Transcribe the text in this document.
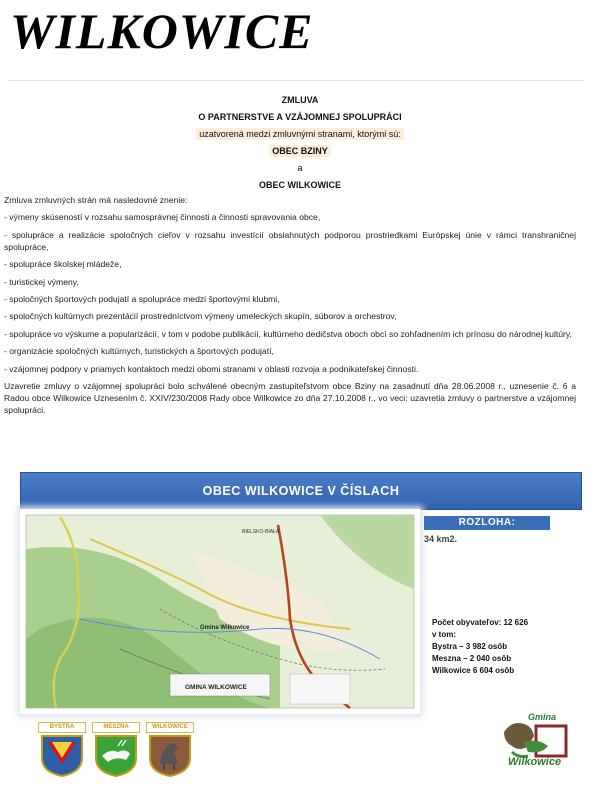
WILKOWICE
ZMLUVA
O PARTNERSTVE A VZÁJOMNEJ SPOLUPRÁCI
uzatvorená medzi zmluvnými stranami, ktorými sú:
OBEC BZINY
a
OBEC WILKOWICE

Zmluva zmluvných strán má nasledovné znenie:

- výmeny skúseností v rozsahu samosprávnej činnosti a činnosti spravovania obce,

- spolupráce a realizácie spoločných cieľov v rozsahu investícií obsiahnutých podporou prostriedkami Európskej únie v rámci transhraničnej spolupráce,

- spolupráce školskej mládeže,

- turistickej výmeny,

- spoločných športových podujatí a spolupráce medzi športovými klubmi,

- spoločných kultúrnych prezentácií prostredníctvom výmeny umeleckých skupín, súborov a orchestrov,

- spolupráce vo výskume a popularizácií, v tom v podobe publikácií, kultúrneho dedičstva oboch obcí so zohľadnením ich prínosu do národnej kultúry,

- organizácie spoločných kultúrnych, turistických a športových podujatí,

- vzájomnej podpory v priamych kontaktoch medzi obomi stranami v oblasti rozvoja a podnikateľskej činnosti.

Uzavretie zmluvy o vzájomnej spolupráci bolo schválené obecným zastupiteľstvom obce Bziny na zasadnutí dňa 28.06.2008 r., uznesenie č. 6 a Radou obce Wilkowice Uznesením č. XXIV/230/2008 Rady obce Wilkowice zo dňa 27.10.2008 r., vo veci: uzavretia zmluvy o partnerstve a vzájomnej spolupráci.

OBEC WILKOWICE V ČÍSLACH
BIELSKO-BIAŁA
Gmina Wilkowice
GMINA WILKOWICE
ROZLOHA:
34 km2.
Počet obyvateľov: 12 626
v tom:
Bystra – 3 982 osôb
Meszna – 2 040 osôb
Wilkowice 6 604 osôb
BYSTRA	MESZNA	WILKOWICE
Gmina
Wilkowice
